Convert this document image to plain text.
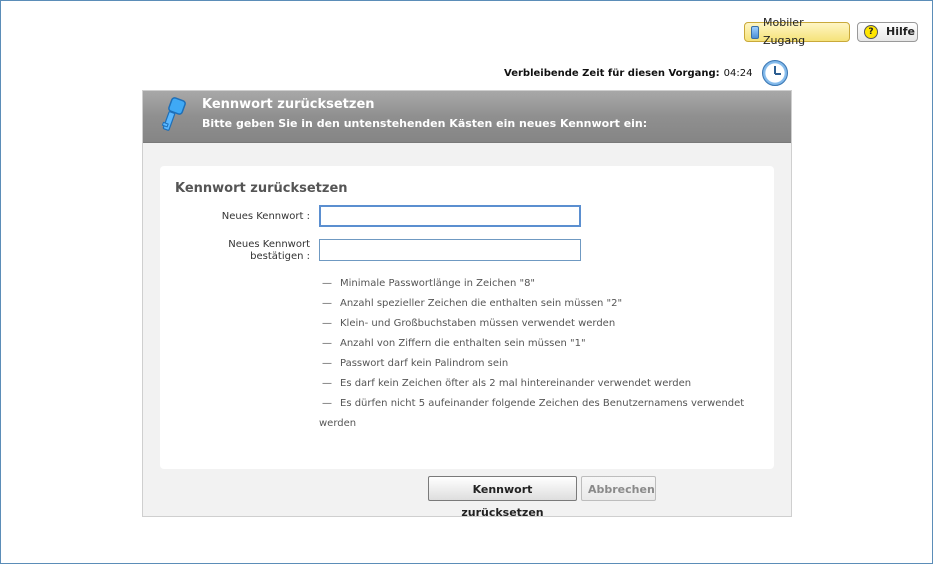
Mobiler Zugang
?	Hilfe
Verbleibende Zeit für diesen Vorgang: 04:24
Kennwort zurücksetzen
Bitte geben Sie in den untenstehenden Kästen ein neues Kennwort ein:
Kennwort zurücksetzen
Neues Kennwort :
Neues Kennwort
bestätigen :
— Minimale Passwortlänge in Zeichen "8"
— Anzahl spezieller Zeichen die enthalten sein müssen "2"
— Klein- und Großbuchstaben müssen verwendet werden
— Anzahl von Ziffern die enthalten sein müssen "1"
— Passwort darf kein Palindrom sein
— Es darf kein Zeichen öfter als 2 mal hintereinander verwendet werden
— Es dürfen nicht 5 aufeinander folgende Zeichen des Benutzernamens verwendet
werden
Kennwort zurücksetzen
Abbrechen
